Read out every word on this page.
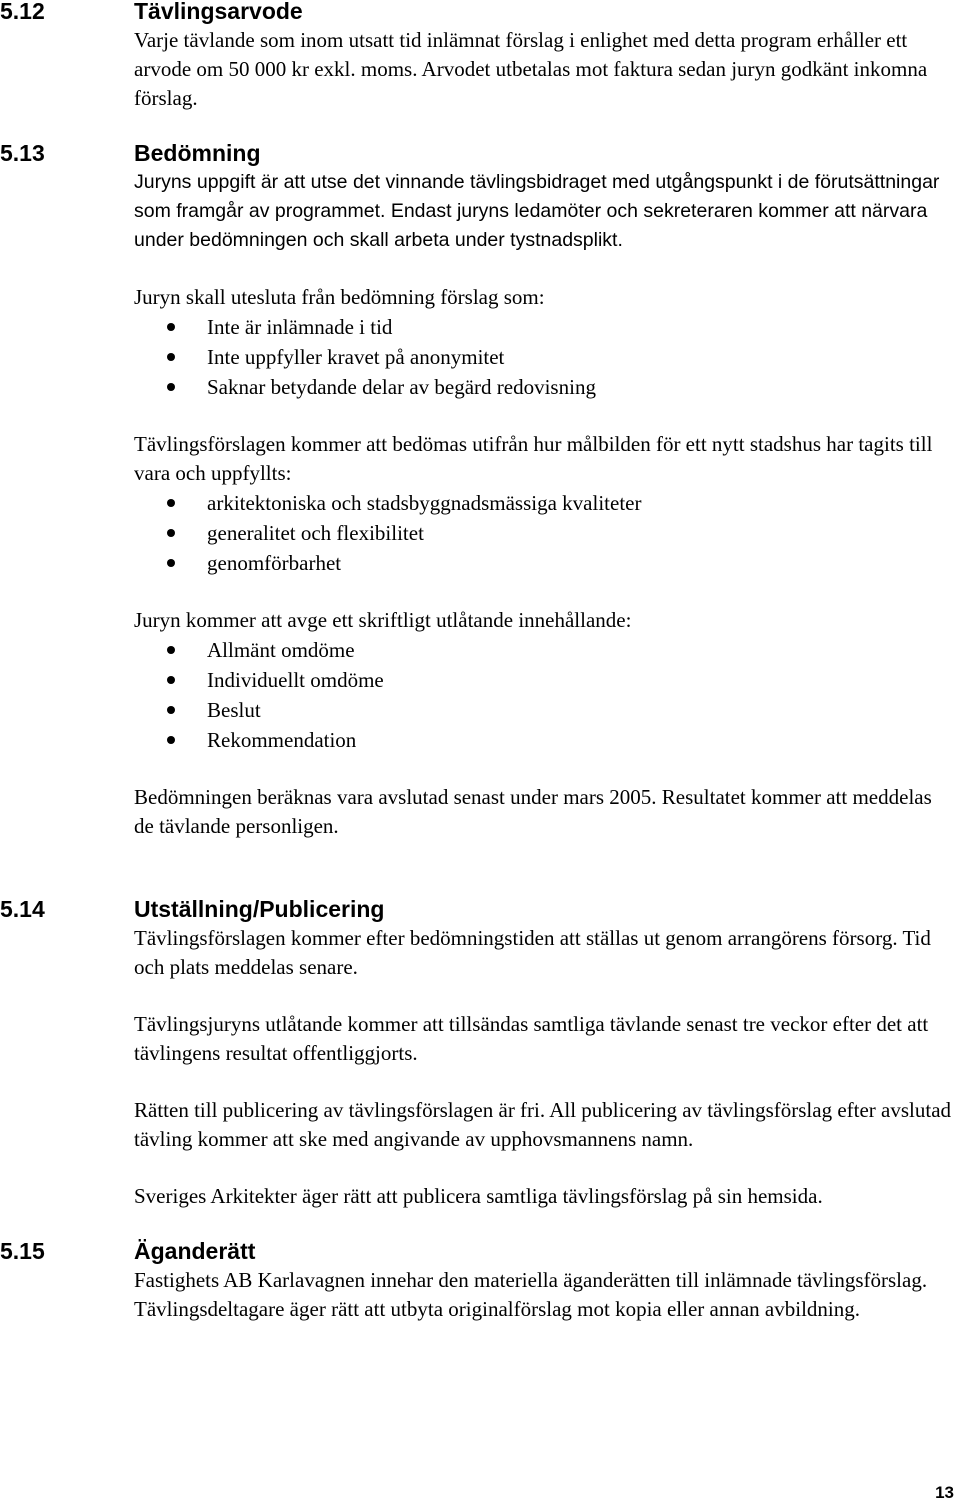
5.12	Tävlingsarvode

Varje tävlande som inom utsatt tid inlämnat förslag i enlighet med detta program erhåller ett arvode om 50 000 kr exkl. moms. Arvodet utbetalas mot faktura sedan juryn godkänt inkomna förslag.

5.13	Bedömning

Juryns uppgift är att utse det vinnande tävlingsbidraget med utgångspunkt i de förutsättningar som framgår av programmet. Endast juryns ledamöter och sekreteraren kommer att närvara under bedömningen och skall arbeta under tystnadsplikt.

Juryn skall utesluta från bedömning förslag som:

Inte är inlämnade i tid
Inte uppfyller kravet på anonymitet
Saknar betydande delar av begärd redovisning

Tävlingsförslagen kommer att bedömas utifrån hur målbilden för ett nytt stadshus har tagits till vara och uppfyllts:

arkitektoniska och stadsbyggnadsmässiga kvaliteter
generalitet och flexibilitet
genomförbarhet

Juryn kommer att avge ett skriftligt utlåtande innehållande:

Allmänt omdöme
Individuellt omdöme
Beslut
Rekommendation

Bedömningen beräknas vara avslutad senast under mars 2005. Resultatet kommer att meddelas de tävlande personligen.

5.14	Utställning/Publicering

Tävlingsförslagen kommer efter bedömningstiden att ställas ut genom arrangörens försorg. Tid och plats meddelas senare.

Tävlingsjuryns utlåtande kommer att tillsändas samtliga tävlande senast tre veckor efter det att tävlingens resultat offentliggjorts.

Rätten till publicering av tävlingsförslagen är fri. All publicering av tävlingsförslag efter avslutad tävling kommer att ske med angivande av upphovsmannens namn.

Sveriges Arkitekter äger rätt att publicera samtliga tävlingsförslag på sin hemsida.

5.15	Äganderätt

Fastighets AB Karlavagnen innehar den materiella äganderätten till inlämnade tävlingsförslag. Tävlingsdeltagare äger rätt att utbyta originalförslag mot kopia eller annan avbildning.

13
